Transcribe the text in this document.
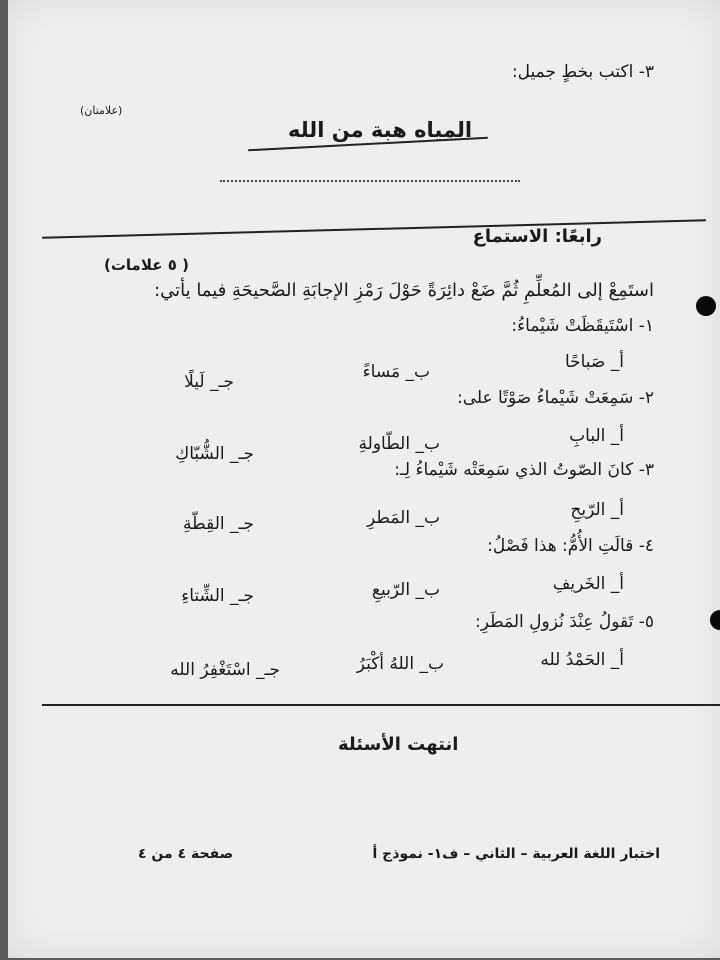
٣- اكتب بخطٍ جميل:
(علامتان)
المياه هبة من الله
رابعًا: الاستماع
( ٥ علامات)
استَمِعْ إلى المُعلِّمِ ثُمَّ ضَعْ دائِرَةً حَوْلَ رَمْزِ الإجابَةِ الصَّحيحَةِ فيما يأتي:
١- اسْتَيقَظَتْ شَيْماءُ:
أ_ صَباحًا
ب_ مَساءً
جـ_ لَيلًا
٢- سَمِعَتْ شَيْماءُ صَوْتًا على:
أ_ البابِ
ب_ الطّاولةِ
جـ_ الشُّبّاكِ
٣- كانَ الصّوتُ الذي سَمِعَتْه شَيْماءُ لِـ:
أ_ الرّيحِ
ب_ المَطرِ
جـ_ القِطّةِ
٤- قالَتِ الأُمُّ: هذا فَصْلُ:
أ_ الخَريفِ
ب_ الرّبيعِ
جـ_ الشِّتاءِ
٥- تَقولُ عِنْدَ نُزولِ المَطَرِ:
أ_ الحَمْدُ لله
ب_ اللهُ أكْبَرُ
جـ_ اسْتَغْفِرُ الله
انتهت الأسئلة
اختبار اللغة العربية – الثاني – ف١- نموذج أ
صفحة ٤ من ٤
